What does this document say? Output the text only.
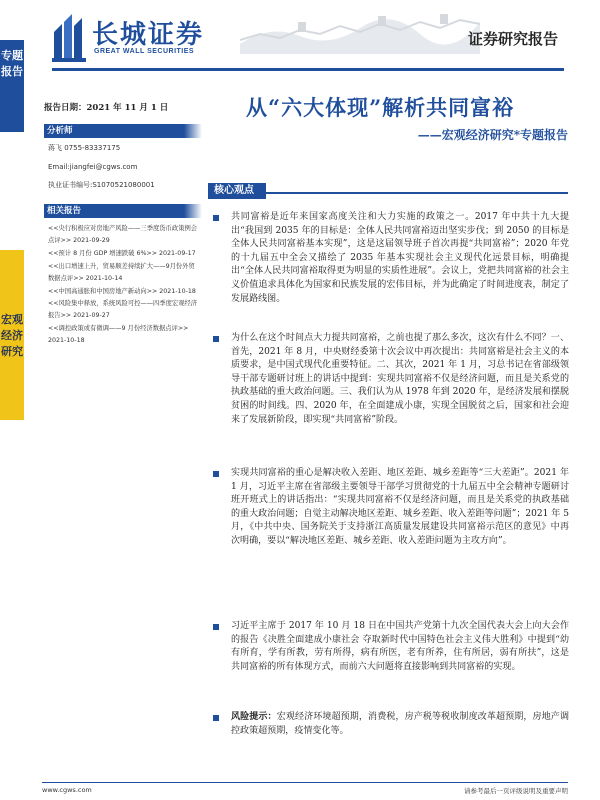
长城证券
GREAT WALL SECURITIES
证券研究报告
专题报告
宏观经济研究
报告日期：2021 年 11 月 1 日
分析师
蒋飞 0755-83337175
Email:jiangfei@cgws.com
执业证书编号:S1070521080001
相关报告
<<央行积极应对房地产风险——三季度货币政策例会点评>> 2021-09-29
<<预计 8 月份 GDP 增速跌破 6%>> 2021-09-17
<<出口增速上升，贸易顺差持续扩大——9月份外贸数据点评>> 2021-10-14
<<中国高通胀和中国房地产新动向>> 2021-10-18
<<风险集中释放，系统风险可控——四季度宏观经济报告>> 2021-09-27
<<调控政策或有微调——9 月份经济数据点评>> 2021-10-18
从“六大体现”解析共同富裕
——宏观经济研究*专题报告
核心观点
共同富裕是近年来国家高度关注和大力实施的政策之一。2017 年中共十九大提出“我国到 2035 年的目标是：全体人民共同富裕迈出坚实步伐；到 2050 的目标是全体人民共同富裕基本实现”，这是这届领导班子首次再提“共同富裕”；2020 年党的十九届五中全会又描绘了 2035 年基本实现社会主义现代化远景目标，明确提出“全体人民共同富裕取得更为明显的实质性进展”。会议上，党把共同富裕的社会主义价值追求具体化为国家和民族发展的宏伟目标，并为此确定了时间进度表，制定了发展路线图。
为什么在这个时间点大力提共同富裕，之前也提了那么多次，这次有什么不同？一、首先，2021 年 8 月，中央财经委第十次会议中再次提出：共同富裕是社会主义的本质要求，是中国式现代化重要特征。二、其次，2021 年 1 月，习总书记在省部级领导干部专题研讨班上的讲话中提到：实现共同富裕不仅是经济问题，而且是关系党的执政基础的重大政治问题。三、我们认为从 1978 年到 2020 年，是经济发展和摆脱贫困的时间线。四、2020 年，在全面建成小康，实现全国脱贫之后，国家和社会迎来了发展新阶段，即实现“共同富裕”阶段。
实现共同富裕的重心是解决收入差距、地区差距、城乡差距等“三大差距”。2021 年 1 月，习近平主席在省部级主要领导干部学习贯彻党的十九届五中全会精神专题研讨班开班式上的讲话指出：“实现共同富裕不仅是经济问题，而且是关系党的执政基础的重大政治问题；自觉主动解决地区差距、城乡差距、收入差距等问题”；2021 年 5 月，《中共中央、国务院关于支持浙江高质量发展建设共同富裕示范区的意见》中再次明确，要以“解决地区差距、城乡差距、收入差距问题为主攻方向”。
习近平主席于 2017 年 10 月 18 日在中国共产党第十九次全国代表大会上向大会作的报告《决胜全面建成小康社会 夺取新时代中国特色社会主义伟大胜利》中提到“幼有所育，学有所教，劳有所得，病有所医，老有所养，住有所居，弱有所扶”，这是共同富裕的所有体现方式，而前六大问题将直接影响到共同富裕的实现。
风险提示：宏观经济环境超预期，消费税，房产税等税收制度改革超预期，房地产调控政策超预期，疫情变化等。
www.cgws.com	请参考最后一页评级说明及重要声明
